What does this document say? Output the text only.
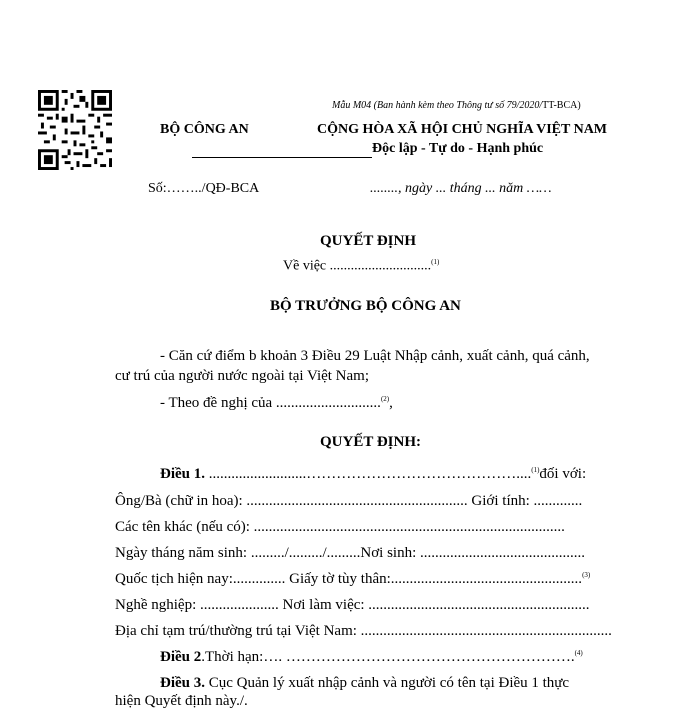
Mẫu M04 (Ban hành kèm theo Thông tư số 79/2020/TT-BCA)
BỘ CÔNG AN	CỘNG HÒA XÃ HỘI CHỦ NGHĨA VIỆT NAM
Độc lập - Tự do - Hạnh phúc
Số:……../QĐ-BCA	........, ngày ... tháng ... năm ……
QUYẾT ĐỊNH
Về việc .............................$^{(1)}$
BỘ TRƯỞNG BỘ CÔNG AN
- Căn cứ điểm b khoản 3 Điều 29 Luật Nhập cảnh, xuất cảnh, quá cảnh,
cư trú của người nước ngoài tại Việt Nam;
- Theo đề nghị của ............................$^{(2)}$,
QUYẾT ĐỊNH:
Điều 1. ..........................……………………………………....$^{(1)}$đối với:
Ông/Bà (chữ in hoa): ........................................................... Giới tính: .............
Các tên khác (nếu có): ...................................................................................
Ngày tháng năm sinh: ........./........./.........Nơi sinh: ............................................
Quốc tịch hiện nay:.............. Giấy tờ tùy thân:...................................................$^{(3)}$
Nghề nghiệp: ..................... Nơi làm việc: ...........................................................
Địa chỉ tạm trú/thường trú tại Việt Nam: ...................................................................
Điều 2.Thời hạn:…. ………………………………………………….$^{(4)}$
Điều 3. Cục Quản lý xuất nhập cảnh và người có tên tại Điều 1 thực
hiện Quyết định này./.
